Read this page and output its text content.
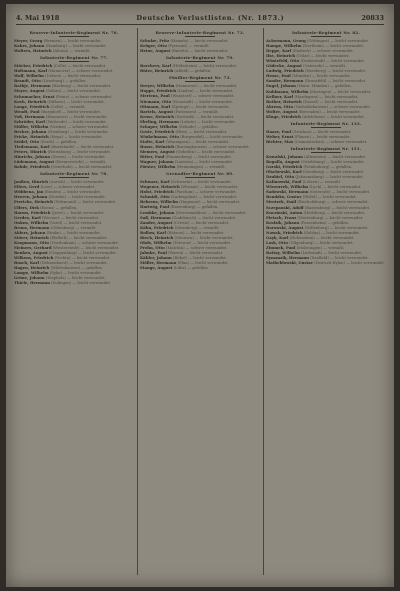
4. Mai 1918	Deutsche Verlustlisten. (Nr. 1873.)	20833
Reserve-Infanterie-Regiment Nr. 76.
Meyer, Georg (Bremen) — leicht verwundet.
Kahrs, Johann (Hamburg) — leicht verwundet.
Wolters, Heinrich (Altona) — vermißt.
Infanterie-Regiment Nr. 77.
Stöcker, Friedrich (Celle) — leicht verwundet.
Holtmann, Karl (Hannover) — schwer verwundet.
Wolf, Wilhelm (Uelzen) — leicht verwundet.
Brandt, Otto (Lüneburg) — gefallen.
Rathje, Hermann (Harburg) — leicht verwundet.
Meyer, August (Soltau) — leicht verwundet.
Schumacher, Ernst (Peine) — schwer verwundet.
Koch, Heinrich (Gifhorn) — leicht verwundet.
Lange, Friedrich (Celle) — vermißt.
Wendt, Paul (Burgdorf) — leicht verwundet.
Voß, Hermann (Hannover) — leicht verwundet.
Schröder, Karl (Walsrode) — leicht verwundet.
Müller, Wilhelm (Verden) — schwer verwundet.
Becker, Johann (Nienburg) — leicht verwundet.
Fricke, Heinrich (Hoya) — leicht verwundet.
Seidel, Otto (Stade) — gefallen.
Tiedemann, Karl (Buxtehude) — leicht verwundet.
Peters, Hinrich (Rotenburg) — leicht verwundet.
Hinrichs, Johann (Zeven) — leicht verwundet.
Lüdemann, August (Bremervörde) — vermißt.
Rohde, Friedrich (Osterholz) — leicht verwundet.
Infanterie-Regiment Nr. 78.
Janßen, Hinrich (Aurich) — leicht verwundet.
Eilers, Gerd (Leer) — schwer verwundet.
Wübbena, Jan (Emden) — leicht verwundet.
Heeren, Johann (Norden) — leicht verwundet.
Frerichs, Heinrich (Wittmund) — leicht verwundet.
Ulfers, Dirk (Esens) — gefallen.
Harms, Friedrich (Jever) — leicht verwundet.
Gerdes, Karl (Weener) — leicht verwundet.
Onken, Wilhelm (Varel) — leicht verwundet.
Bruns, Hermann (Oldenburg) — vermißt.
Ahlers, Johann (Brake) — leicht verwundet.
Stöver, Heinrich (Elsfleth) — leicht verwundet.
Koopmann, Otto (Nordenham) — schwer verwundet.
Meiners, Gerhard (Westerstede) — leicht verwundet.
Renken, August (Cloppenburg) — leicht verwundet.
Wilkens, Friedrich (Vechta) — leicht verwundet.
Busch, Karl (Delmenhorst) — leicht verwundet.
Hagen, Heinrich (Wildeshausen) — gefallen.
Lampe, Wilhelm (Syke) — leicht verwundet.
Gröne, Johann (Diepholz) — leicht verwundet.
Thiele, Hermann (Sulingen) — leicht verwundet.
Reserve-Infanterie-Regiment Nr. 73.
Schulze, Fritz (Hameln) — leicht verwundet.
Krüger, Otto (Pyrmont) — vermißt.
Heine, August (Rinteln) — leicht verwundet.
Infanterie-Regiment Nr. 79.
Borchers, Karl (Hildesheim) — leicht verwundet.
Rüter, Heinrich (Alfeld) — gefallen.
Füsilier-Regiment Nr. 73.
Dreyer, Wilhelm (Hannover) — leicht verwundet.
Hoppe, Friedrich (Linden) — leicht verwundet.
Mertens, Paul (Wunstorf) — schwer verwundet.
Niemann, Otto (Neustadt) — leicht verwundet.
Oltmann, Karl (Springe) — leicht verwundet.
Bartels, August (Pattensen) — vermißt.
Kruse, Heinrich (Sarstedt) — leicht verwundet.
Ebeling, Hermann (Lehrte) — leicht verwundet.
Schaper, Wilhelm (Sehnde) — gefallen.
Grote, Friedrich (Ilten) — leicht verwundet.
Winkelmann, Otto (Burgwedel) — leicht verwundet.
Stolte, Karl (Wennigsen) — leicht verwundet.
Busse, Heinrich (Barsinghausen) — schwer verwundet.
Siemers, August (Gehrden) — leicht verwundet.
Ritter, Paul (Ronnenberg) — leicht verwundet.
Wagner, Johann (Laatzen) — leicht verwundet.
Förster, Wilhelm (Hemmingen) — vermißt.
Grenadier-Regiment Nr. 89.
Schwarz, Karl (Schwerin) — leicht verwundet.
Wegener, Heinrich (Wismar) — leicht verwundet.
Holst, Friedrich (Parchim) — schwer verwundet.
Schmidt, Otto (Ludwigslust) — leicht verwundet.
Behrens, Wilhelm (Hagenow) — leicht verwundet.
Hartwig, Paul (Boizenburg) — gefallen.
Lembke, Johann (Grevesmühlen) — leicht verwundet.
Saß, Hermann (Gadebusch) — leicht verwundet.
Zander, August (Crivitz) — leicht verwundet.
Köhn, Friedrich (Sternberg) — vermißt.
Bollow, Karl (Bützow) — leicht verwundet.
Rieck, Heinrich (Güstrow) — leicht verwundet.
Ohde, Wilhelm (Teterow) — leicht verwundet.
Prehn, Otto (Malchin) — schwer verwundet.
Jahnke, Paul (Waren) — leicht verwundet.
Kähler, Johann (Röbel) — leicht verwundet.
Möller, Hermann (Plau) — leicht verwundet.
Stange, August (Lübz) — gefallen.
Infanterie-Regiment Nr. 82.
Ackermann, Georg (Göttingen) — leicht verwundet.
Hampe, Wilhelm (Northeim) — leicht verwundet.
Deppe, Karl (Einbeck) — schwer verwundet.
Ilse, Heinrich (Uslar) — leicht verwundet.
Wüstefeld, Otto (Duderstadt) — leicht verwundet.
Gödecke, August (Osterode) — vermißt.
Ludwig, Friedrich (Herzberg) — leicht verwundet.
Hesse, Paul (Münden) — leicht verwundet.
Sander, Hermann (Dransfeld) — leicht verwundet.
Engel, Johann (Hann. Münden) — gefallen.
Kuhlmann, Wilhelm (Moringen) — leicht verwundet.
Kellner, Karl (Hardegsen) — leicht verwundet.
Rother, Heinrich (Dassel) — leicht verwundet.
Ahrens, Otto (Gieboldehausen) — schwer verwundet.
Wolter, August (Bovenden) — leicht verwundet.
Kluge, Friedrich (Adelebsen) — leicht verwundet.
Infanterie-Regiment Nr. 133.
Haase, Paul (Zwickau) — leicht verwundet.
Weber, Ernst (Plauen) — leicht verwundet.
Richter, Max (Crimmitschau) — schwer verwundet.
Infanterie-Regiment Nr. 151.
Kowalski, Johann (Allenstein) — leicht verwundet.
Rogalla, August (Ortelsburg) — leicht verwundet.
Gorski, Friedrich (Neidenburg) — gefallen.
Olschewski, Karl (Sensburg) — leicht verwundet.
Dzubiel, Otto (Johannisburg) — leicht verwundet.
Kalinowski, Paul (Lötzen) — vermißt.
Wiezorrek, Wilhelm (Lyck) — leicht verwundet.
Sadowski, Hermann (Osterode) — leicht verwundet.
Bendzko, Gustav (Rößel) — leicht verwundet.
Mrotzek, Emil (Bischofsburg) — schwer verwundet.
Sczepanski, Adolf (Rastenburg) — leicht verwundet.
Kuczinski, Anton (Heilsberg) — leicht verwundet.
Pietsch, Franz (Wartenburg) — leicht verwundet.
Krolzik, Johann (Passenheim) — gefallen.
Borowski, August (Willenberg) — leicht verwundet.
Nowak, Friedrich (Soldau) — leicht verwundet.
Gayk, Karl (Hohenstein) — leicht verwundet.
Lask, Otto (Gilgenburg) — leicht verwundet.
Zimmek, Paul (Mohrungen) — vermißt.
Rattay, Wilhelm (Liebstadt) — leicht verwundet.
Symanzik, Hermann (Saalfeld) — leicht verwundet.
Matheblowski, Gustav (Deutsch-Eylau) — leicht verwundet.
